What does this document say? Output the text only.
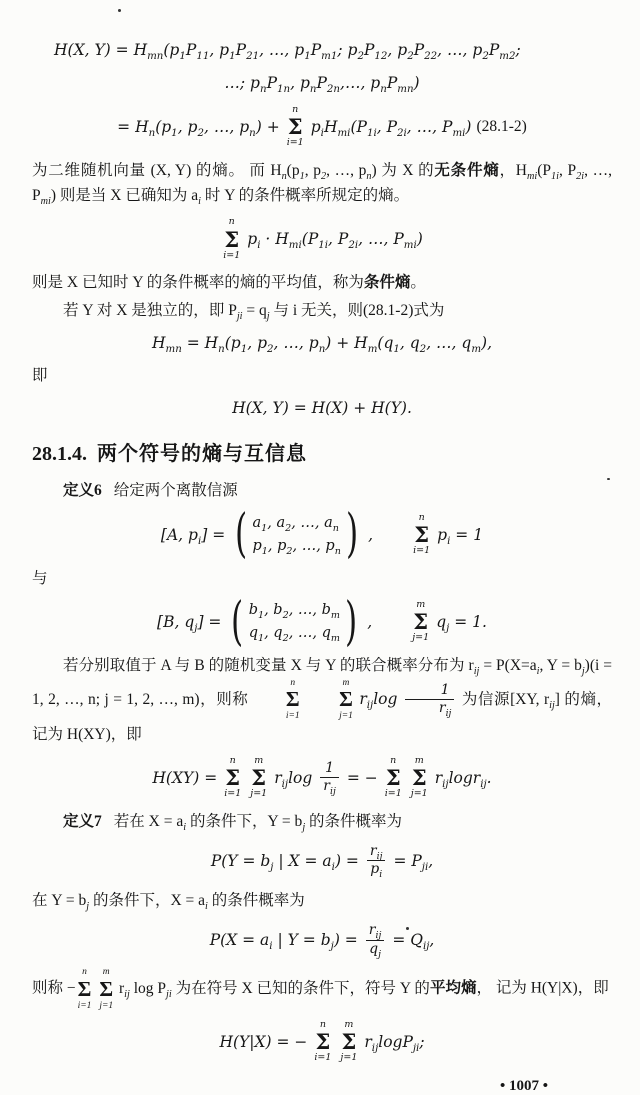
H(X, $Y) = H_{mn}(p_1P_{11}$, $p_1P_{21}$, …, $p_1P_{m1}$; $p_2P_{12}$, $p_2P_{22}$, …, $p_2P_{m2}$;
…; $p_nP_{1n}$, $p_nP_{2n},\dots$, $p_nP_{mn}$)
= $H_n(p_1$, $p_2$, …, $p_n$) +
n
Σ
i=1
$p_iH_{mi}(P_{1i}$, $P_{2i}$, …, $P_{mi}$) (28.1-2)

为二维随机向量 (X, Y) 的熵。 而 $H_n(p_1$, $p_2$, …, $p_n$) 为 X 的无条件熵，$H_{mi}(P_{1i}$, $P_{2i}$, …, $P_{mi}$) 则是当 X 已确知为 $a_i$ 时 Y 的条件概率所规定的熵。

n
Σ
i=1
$p_i \cdot H_{mi}(P_{1i}$, $P_{2i}$, …, $P_{mi}$)

则是 X 已知时 Y 的条件概率的熵的平均值，称为条件熵。

若 Y 对 X 是独立的，即 $P_{ji} = q_j$ 与 i 无关，则(28.1-2)式为

$H_{mn} = H_n(p_1$, $p_2$, …, $p_n) + H_m(q_1$, $q_2$, …, $q_m$),

即

H(X, Y) = H(X) + H(Y).
28.1.4. 两个符号的熵与互信息

定义6 给定两个离散信源

[A, $p_i$] = ( $a_1$, $a_2$, …, $a_n$
$p_1$, $p_2$, …, $p_n$ ) ,
n
Σ
i=1
$p_i = 1$

与

[B, $q_j$] = ( $b_1$, $b_2$, …, $b_m$
$q_1$, $q_2$, …, $q_m$ ) ,
m
Σ
j=1
$q_j = 1$.

若分别取值于 A 与 B 的随机变量 X 与 Y 的联合概率分布为 $r_{ij} = P(X=a_i$, $Y = b_j)(i = 1$, 2, …, n; j = 1, 2, …, m)，则称
n
Σ
i=1

m
Σ
j=1
$r_{ij}\log \frac{1}{r_{ij}}$ 为信源[XY, $r_{ij}$] 的熵，记为 H(XY)，即

H(XY) =
n
Σ
i=1
m
Σ
j=1
$r_{ij}\log \frac{1}{r_{ij}}$ = −
n
Σ
i=1
m
Σ
j=1
$r_{ij}\log r_{ij}$.

定义7 若在 $X = a_i$ 的条件下，$Y = b_j$ 的条件概率为

$P(Y = b_j$ | $X = a_i) = \frac{r_{ij}}{p_i} = P_{ji}$,

在 $Y = b_j$ 的条件下，$X = a_i$ 的条件概率为

$P(X = a_i$ | $Y = b_j) = \frac{r_{ij}}{q_j} = Q_{ij}$,

则称 −
n
Σ
i=1

m
Σ
j=1
$r_{ij}$ $\log P_{ji}$ 为在符号 X 已知的条件下，符号 Y 的平均熵， 记为 H(Y|X)，即

H(Y|X) = −
n
Σ
i=1
m
Σ
j=1
$r_{ij}\log P_{ji}$;
• 1007 •
